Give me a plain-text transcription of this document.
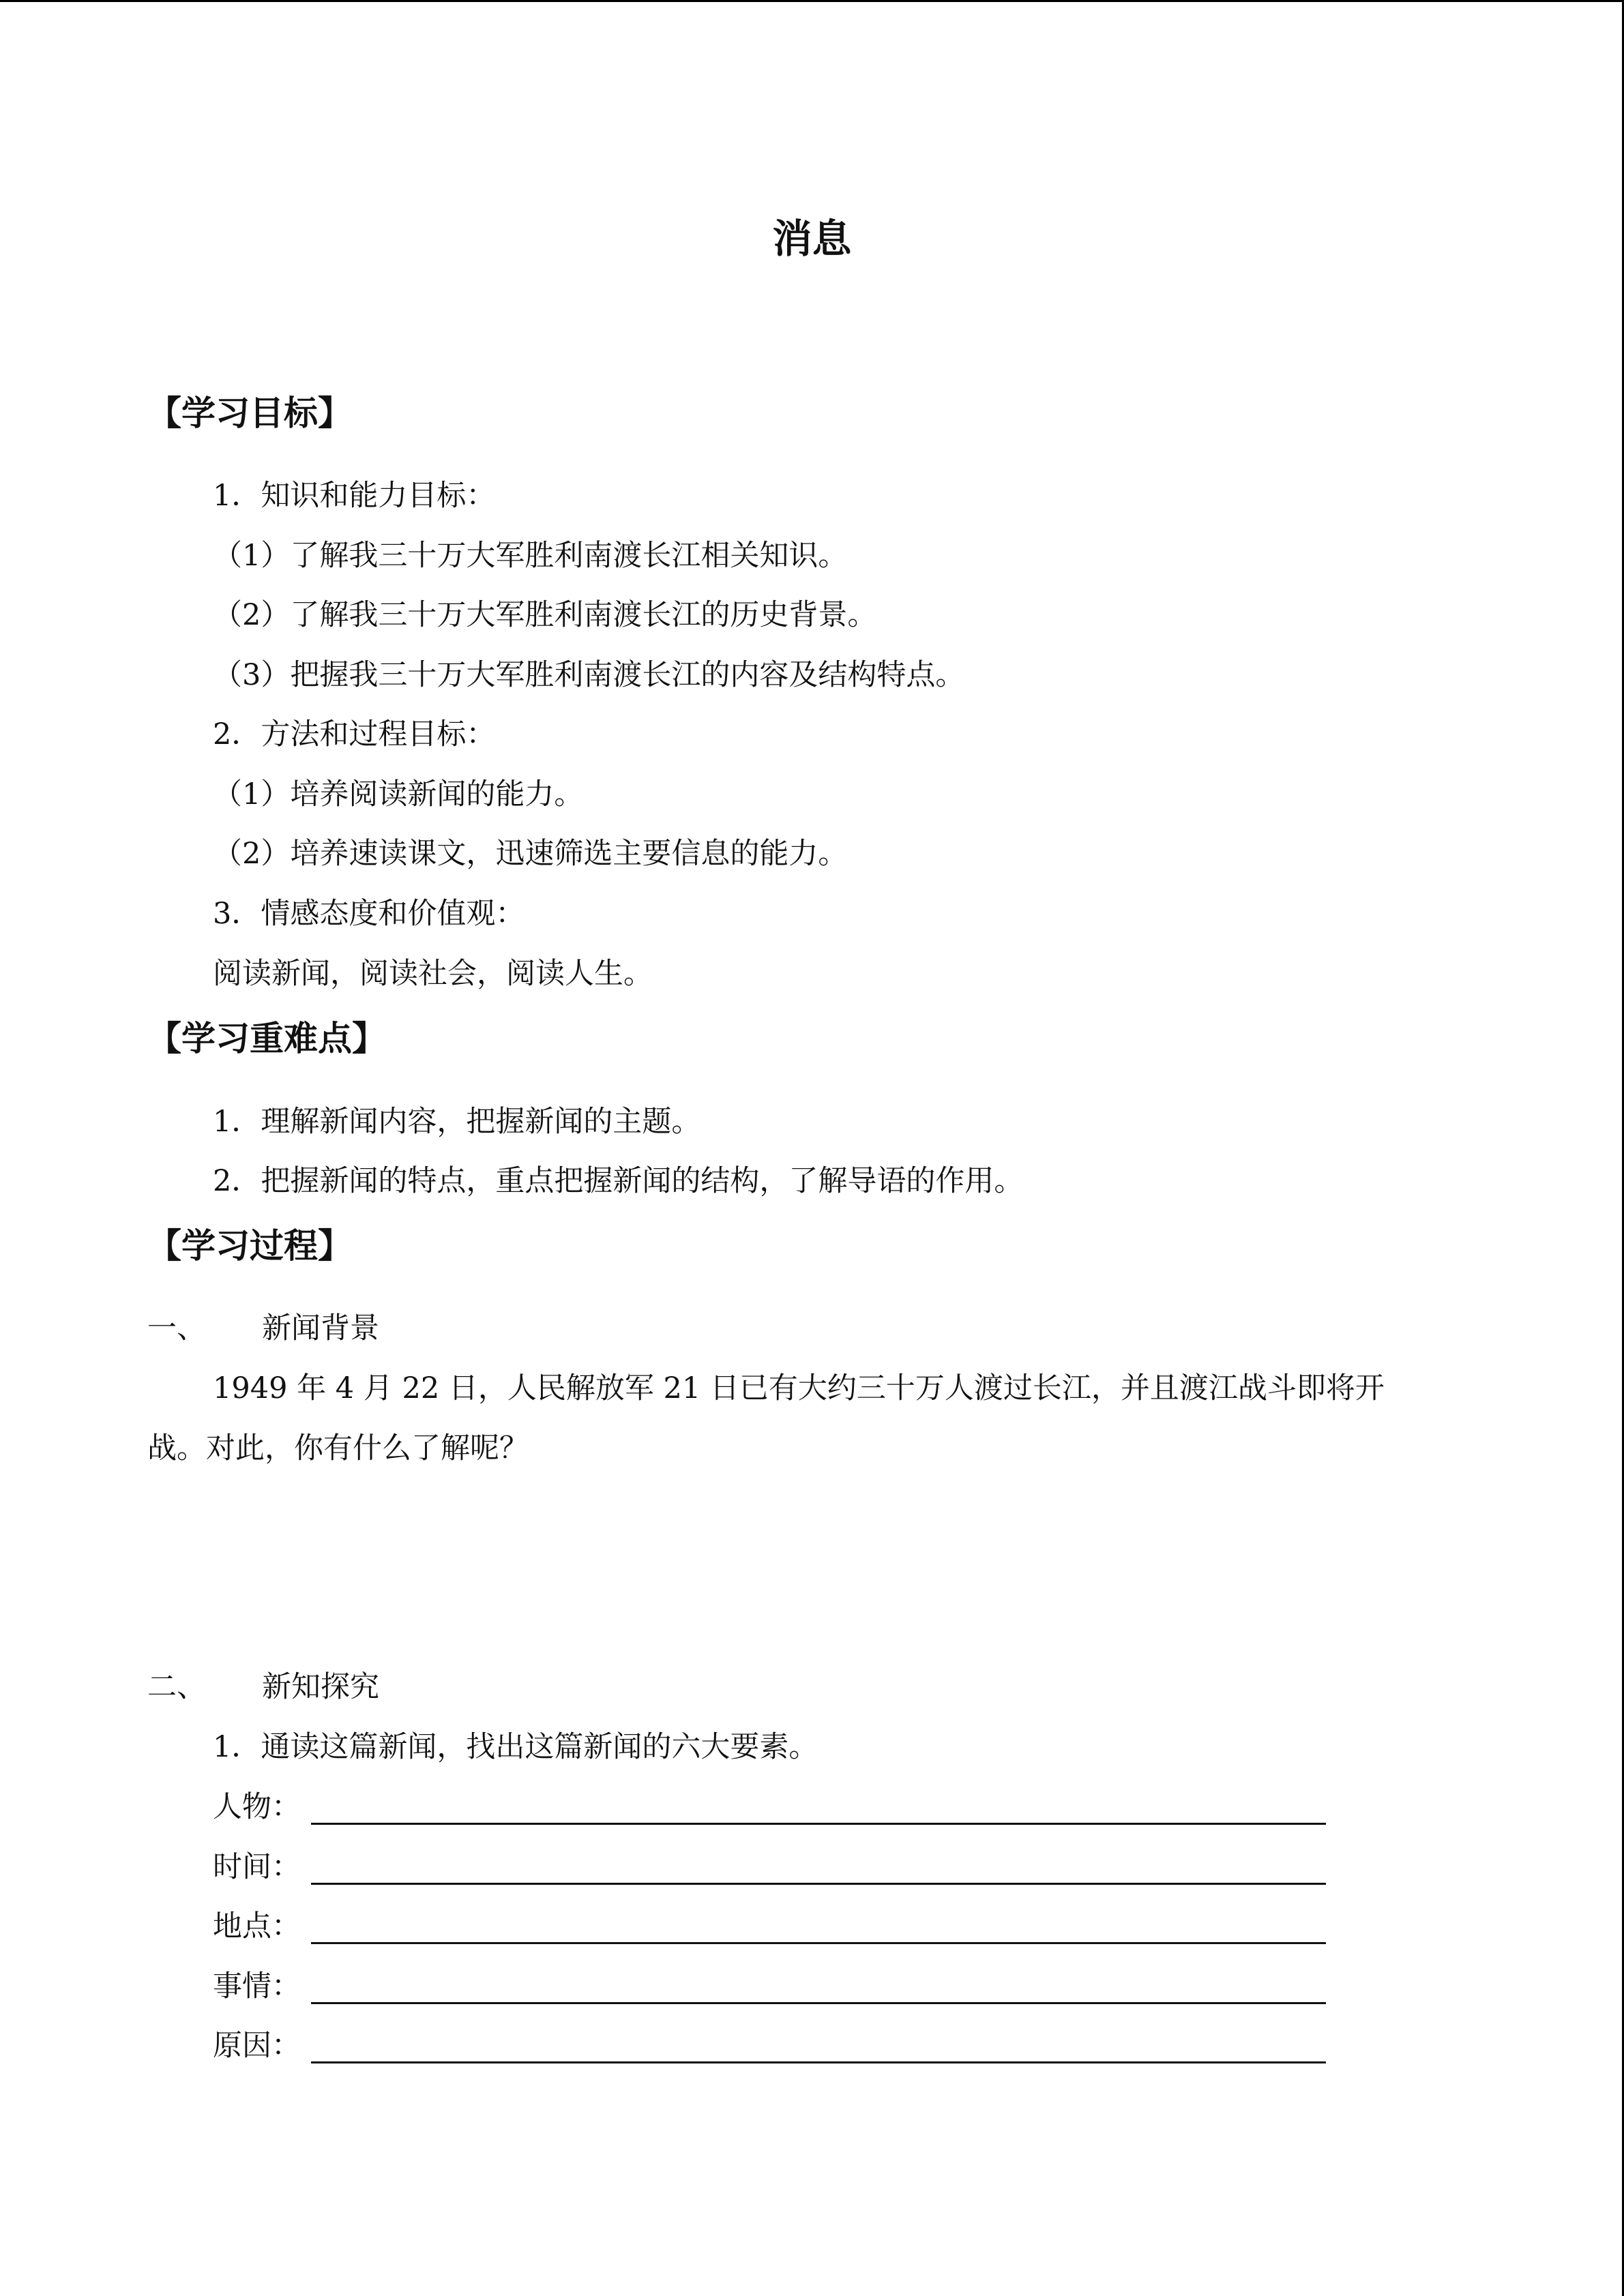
消息
【学习目标】
1．知识和能力目标：
（1）了解我三十万大军胜利南渡长江相关知识。
（2）了解我三十万大军胜利南渡长江的历史背景。
（3）把握我三十万大军胜利南渡长江的内容及结构特点。
2．方法和过程目标：
（1）培养阅读新闻的能力。
（2）培养速读课文，迅速筛选主要信息的能力。
3．情感态度和价值观：
阅读新闻，阅读社会，阅读人生。
【学习重难点】
1．理解新闻内容，把握新闻的主题。
2．把握新闻的特点，重点把握新闻的结构，了解导语的作用。
【学习过程】
一、 新闻背景
1949 年 4 月 22 日，人民解放军 21 日已有大约三十万人渡过长江，并且渡江战斗即将开
战。对此，你有什么了解呢？
二、 新知探究
1．通读这篇新闻，找出这篇新闻的六大要素。
人物：
时间：
地点：
事情：
原因：
